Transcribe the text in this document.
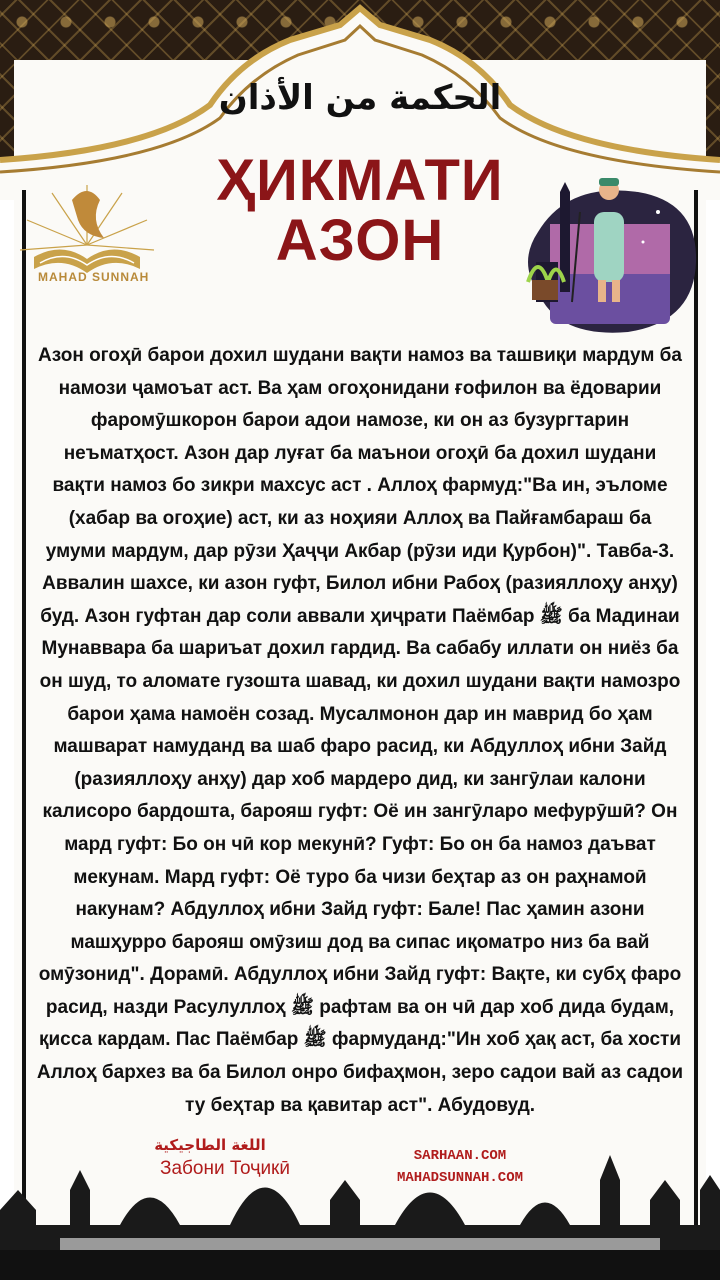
الحكمة من الأذان
ҲИКМАТИ
АЗОН
MAHAD SUNNAH
Азон огоҳӣ барои дохил шудани вақти намоз ва ташвиқи мардум ба намози ҷамоъат аст. Ва ҳам огоҳонидани ғофилон ва ёдоварии фаромӯшкорон барои адои намозе, ки он аз бузургтарин неъматҳост. Азон дар луғат ба маънои огоҳӣ ба дохил шудани вақти намоз бо зикри махсус аст . Аллоҳ фармуд:"Ва ин, эъломе (хабар ва огоҳие) аст, ки аз ноҳияи Аллоҳ ва Пайғамбараш ба умуми мардум, дар рӯзи Ҳаҷҷи Акбар (рӯзи иди Қурбон)". Тавба-3. Аввалин шахсе, ки азон гуфт, Билол ибни Рабоҳ (разияллоҳу анҳу) буд. Азон гуфтан дар соли аввали ҳиҷрати Паёмбар ﷺ ба Мадинаи Мунаввара ба шариъат дохил гардид. Ва сабабу иллати он ниёз ба он шуд, то аломате гузошта шавад, ки дохил шудани вақти намозро барои ҳама намоён созад. Мусалмонон дар ин маврид бо ҳам машварат намуданд ва шаб фаро расид, ки Абдуллоҳ ибни Зайд (разияллоҳу анҳу) дар хоб мардеро дид, ки зангӯлаи калони калисоро бардошта, барояш гуфт: Оё ин зангӯларо мефурӯшӣ? Он мард гуфт: Бо он чӣ кор мекунӣ? Гуфт: Бо он ба намоз даъват мекунам. Мард гуфт: Оё туро ба чизи беҳтар аз он раҳнамоӣ накунам? Абдуллоҳ ибни Зайд гуфт: Бале! Пас ҳамин азони машҳурро барояш омӯзиш дод ва сипас иқоматро низ ба вай омӯзонид". Дорамӣ. Абдуллоҳ ибни Зайд гуфт: Вақте, ки субҳ фаро расид, назди Расулуллоҳ ﷺ рафтам ва он чӣ дар хоб дида будам, қисса кардам. Пас Паёмбар ﷺ фармуданд:"Ин хоб ҳақ аст, ба хости Аллоҳ бархез ва ба Билол онро бифаҳмон, зеро садои вай аз садои ту беҳтар ва қавитар аст". Абудовуд.
اللغة الطاجيكية
Забони Тоҷикӣ
SARHAAN.COM
MAHADSUNNAH.COM
